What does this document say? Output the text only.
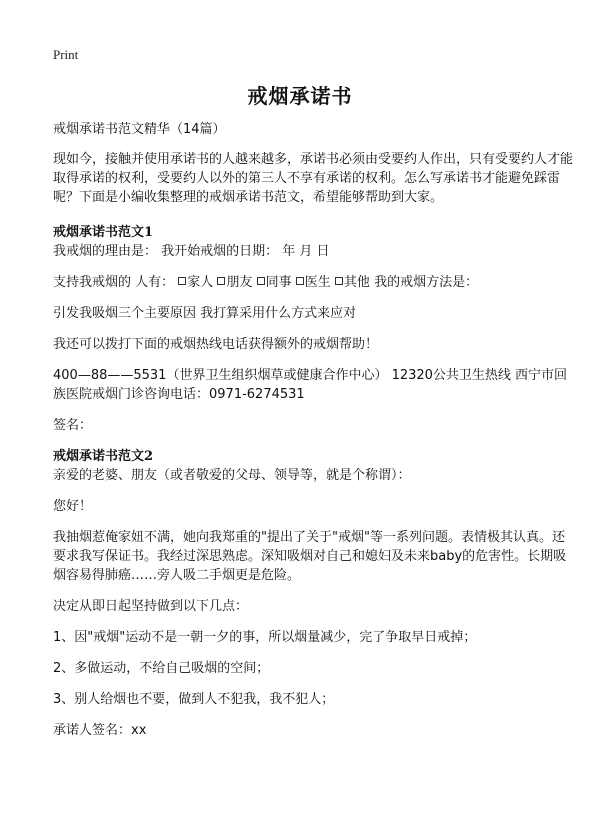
Print
戒烟承诺书

戒烟承诺书范文精华（14篇）

现如今，接触并使用承诺书的人越来越多，承诺书必须由受要约人作出，只有受要约人才能取得承诺的权利，受要约人以外的第三人不享有承诺的权利。怎么写承诺书才能避免踩雷呢？下面是小编收集整理的戒烟承诺书范文，希望能够帮助到大家。

戒烟承诺书范文1

我戒烟的理由是： 我开始戒烟的日期： 年 月 日

支持我戒烟的 人有： 家人 朋友 同事 医生 其他 我的戒烟方法是：

引发我吸烟三个主要原因 我打算采用什么方式来应对

我还可以拨打下面的戒烟热线电话获得额外的戒烟帮助！

400—88——5531（世界卫生组织烟草或健康合作中心） 12320公共卫生热线 西宁市回族医院戒烟门诊咨询电话：0971-6274531

签名：

戒烟承诺书范文2

亲爱的老婆、朋友（或者敬爱的父母、领导等，就是个称谓）：

您好！

我抽烟惹俺家妞不满，她向我郑重的"提出了关于"戒烟"等一系列问题。表情极其认真。还要求我写保证书。我经过深思熟虑。深知吸烟对自己和媳妇及未来baby的危害性。长期吸烟容易得肺癌……旁人吸二手烟更是危险。

决定从即日起坚持做到以下几点：

1、因"戒烟"运动不是一朝一夕的事，所以烟量减少，完了争取早日戒掉；

2、多做运动，不给自己吸烟的空间；

3、别人给烟也不要，做到人不犯我，我不犯人；

承诺人签名：xx
